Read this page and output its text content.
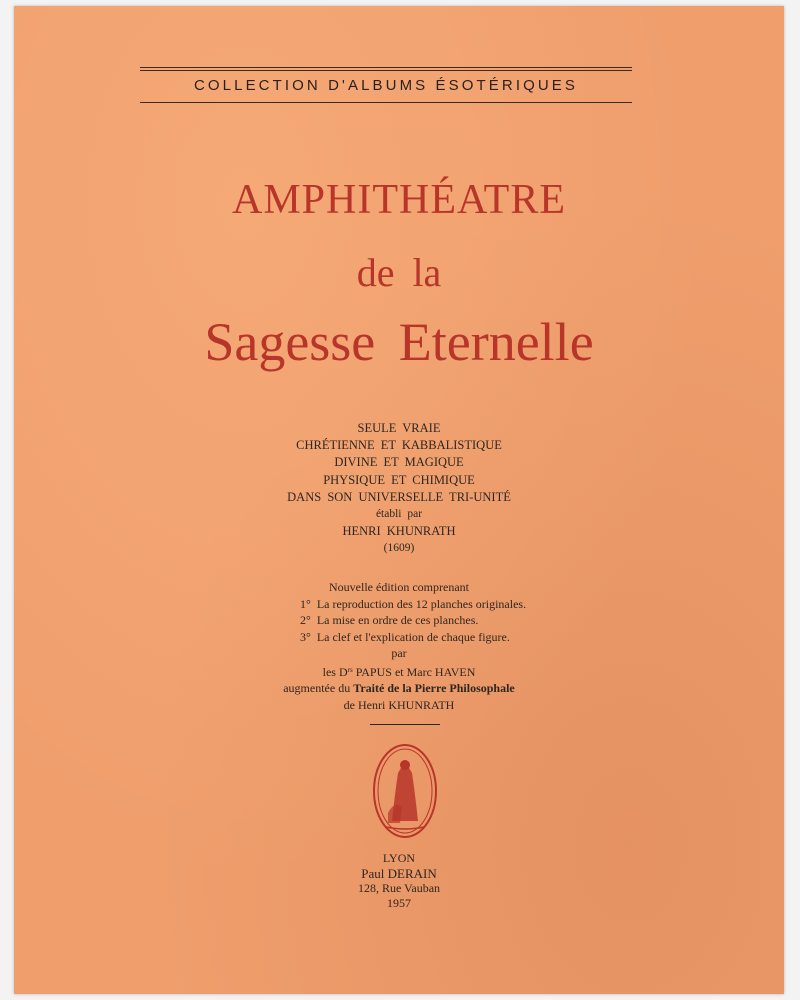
COLLECTION D'ALBUMS ÉSOTÉRIQUES
AMPHITHÉATRE
de la
Sagesse Eternelle
SEULE VRAIE
CHRÉTIENNE ET KABBALISTIQUE
DIVINE ET MAGIQUE
PHYSIQUE ET CHIMIQUE
DANS SON UNIVERSELLE TRI-UNITÉ
établi par
HENRI KHUNRATH
(1609)
Nouvelle édition comprenant
1° La reproduction des 12 planches originales.
2° La mise en ordre de ces planches.
3° La clef et l'explication de chaque figure.
par
les $D^{rs}$ PAPUS et Marc HAVEN
augmentée du Traité de la Pierre Philosophale
de Henri KHUNRATH
LYON
Paul DERAIN
128, Rue Vauban
1957
